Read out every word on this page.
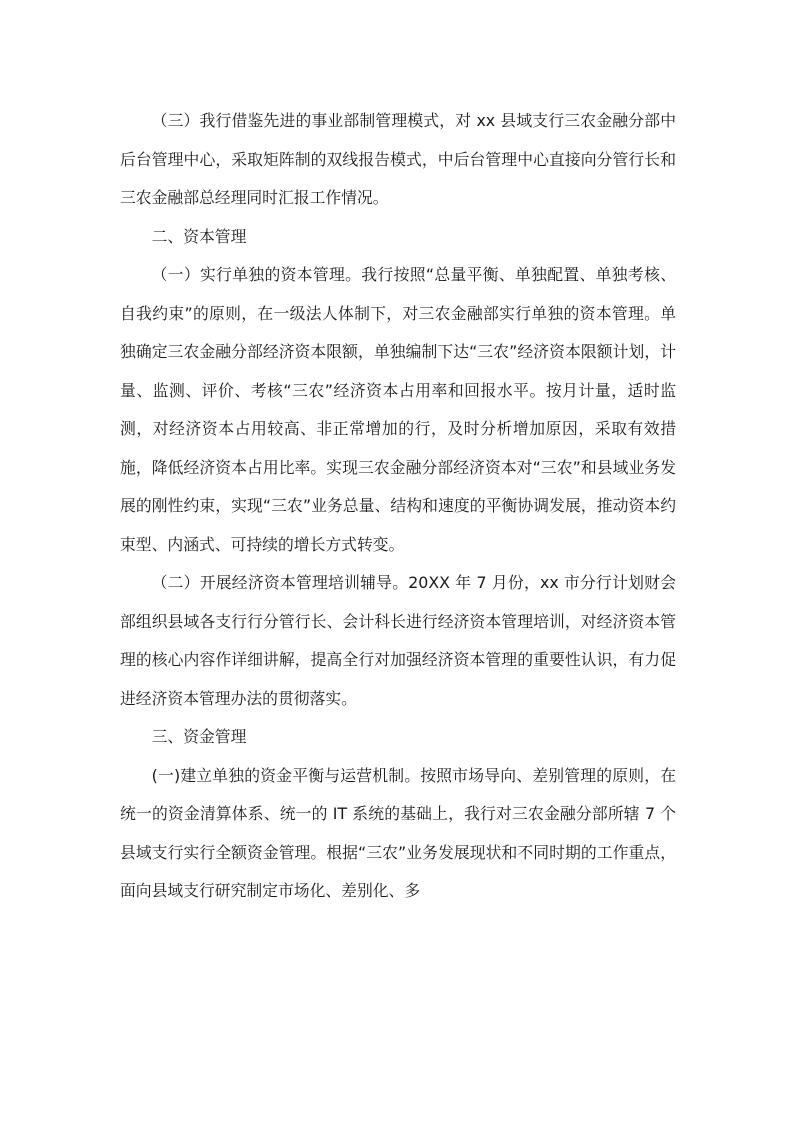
（三）我行借鉴先进的事业部制管理模式，对 xx 县域支行三农金融分部中后台管理中心，采取矩阵制的双线报告模式，中后台管理中心直接向分管行长和三农金融部总经理同时汇报工作情况。

二、资本管理

（一）实行单独的资本管理。我行按照“总量平衡、单独配置、单独考核、自我约束”的原则，在一级法人体制下，对三农金融部实行单独的资本管理。单独确定三农金融分部经济资本限额，单独编制下达“三农”经济资本限额计划，计量、监测、评价、考核“三农”经济资本占用率和回报水平。按月计量，适时监测，对经济资本占用较高、非正常增加的行，及时分析增加原因，采取有效措施，降低经济资本占用比率。实现三农金融分部经济资本对“三农”和县域业务发展的刚性约束，实现“三农”业务总量、结构和速度的平衡协调发展，推动资本约束型、内涵式、可持续的增长方式转变。

（二）开展经济资本管理培训辅导。20XX 年 7 月份，xx 市分行计划财会部组织县域各支行行分管行长、会计科长进行经济资本管理培训，对经济资本管理的核心内容作详细讲解，提高全行对加强经济资本管理的重要性认识，有力促进经济资本管理办法的贯彻落实。

三、资金管理

(一)建立单独的资金平衡与运营机制。按照市场导向、差别管理的原则，在统一的资金清算体系、统一的 IT 系统的基础上，我行对三农金融分部所辖 7 个县域支行实行全额资金管理。根据“三农”业务发展现状和不同时期的工作重点，面向县域支行研究制定市场化、差别化、多
